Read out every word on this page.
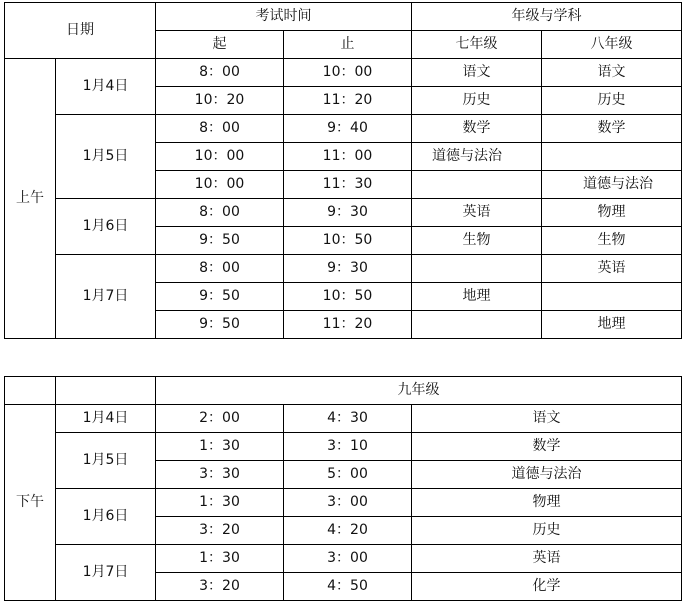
日期		考试时间		年级与学科	
		起	止	七年级	八年级
上午	1月4日	8：00	10：00	语文	语文
		10：20	11：20	历史	历史
	1月5日	8：00	9：40	数学	数学
		10：00	11：00	道德与法治	
		10：00	11：30		道德与法治
	1月6日	8：00	9：30	英语	物理
		9：50	10：50	生物	生物
	1月7日	8：00	9：30		英语
		9：50	10：50	地理	
		9：50	11：20		地理
		九年级		
下午	1月4日	2：00	4：30	语文
	1月5日	1：30	3：10	数学
		3：30	5：00	道德与法治
	1月6日	1：30	3：00	物理
		3：20	4：20	历史
	1月7日	1：30	3：00	英语
		3：20	4：50	化学
